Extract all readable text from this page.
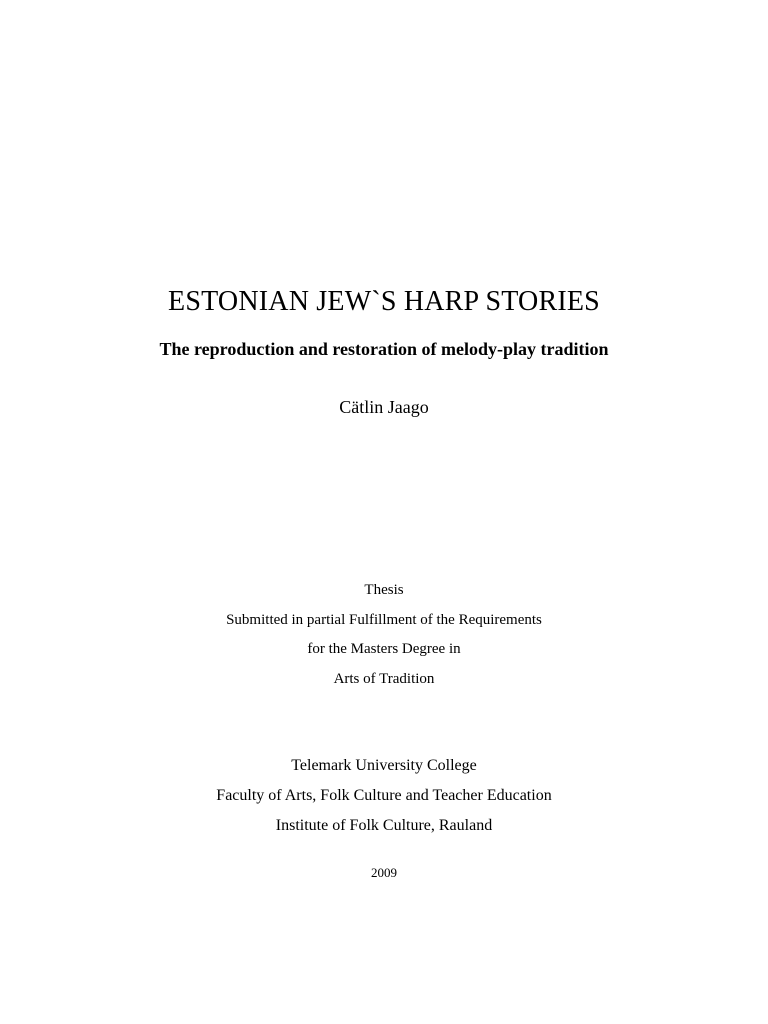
ESTONIAN JEW`S HARP STORIES
The reproduction and restoration of melody-play tradition
Cätlin Jaago
Thesis
Submitted in partial Fulfillment of the Requirements
for the Masters Degree in
Arts of Tradition
Telemark University College
Faculty of Arts, Folk Culture and Teacher Education
Institute of Folk Culture, Rauland
2009
